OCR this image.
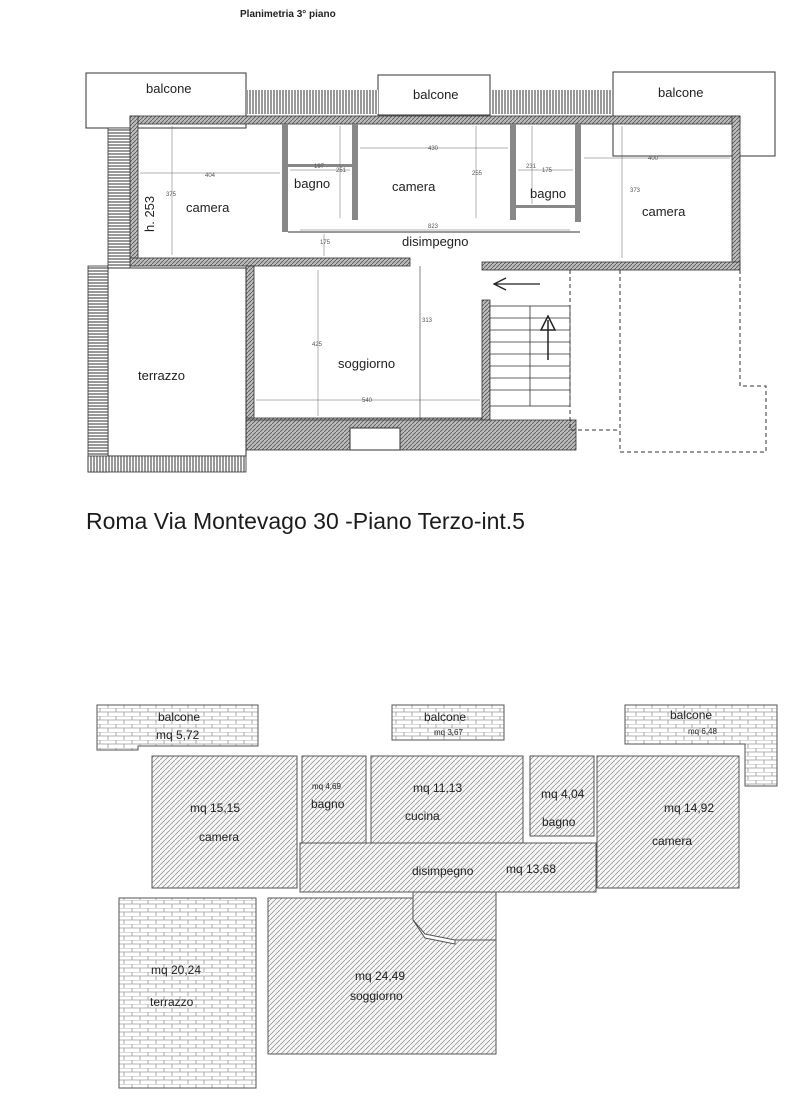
Planimetria 3° piano
404
375
197
251
430
255
231
175
400
373
823
175
425
540
313
balcone	balcone	balcone
h. 253 camera
bagno	camera	bagno
camera
disimpegno
terrazzo
soggiorno
Roma Via Montevago 30 -Piano Terzo-int.5
balcone
mq 5,72
balcone
mq 3,67
balcone
mq 6,48
mq 15,15
camera
mq 4,69
bagno
mq 11,13
cucina
mq 4,04
bagno
mq 14,92
camera
disimpegno	mq 13,68
mq 20,24
terrazzo
mq 24,49
soggiorno
